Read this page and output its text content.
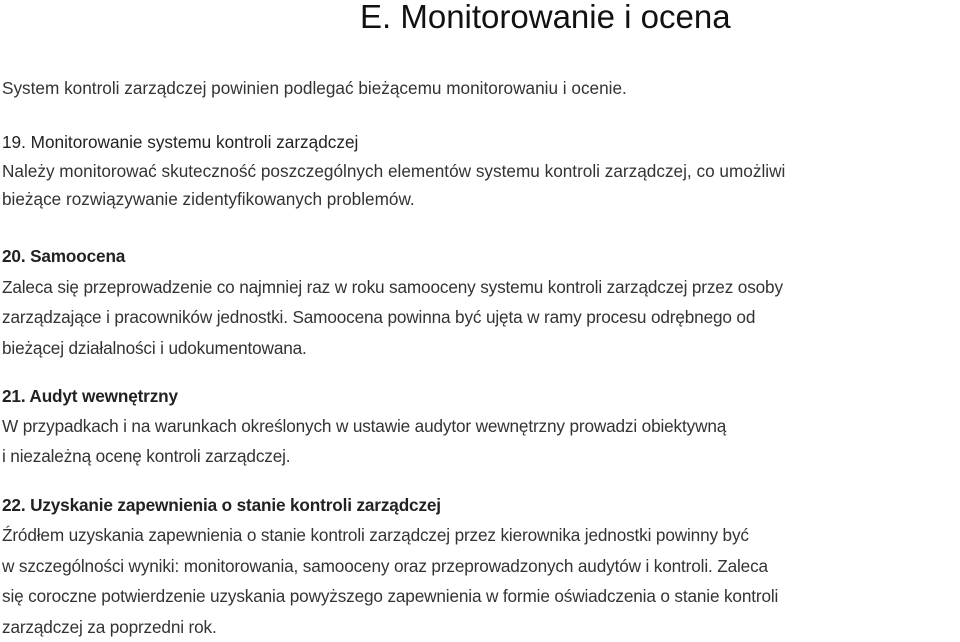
E. Monitorowanie i ocena
System kontroli zarządczej powinien podlegać bieżącemu monitorowaniu i ocenie.
19. Monitorowanie systemu kontroli zarządczej
Należy monitorować skuteczność poszczególnych elementów systemu kontroli zarządczej, co umożliwi
bieżące rozwiązywanie zidentyfikowanych problemów.
20. Samoocena
Zaleca się przeprowadzenie co najmniej raz w roku samooceny systemu kontroli zarządczej przez osoby
zarządzające i pracowników jednostki. Samoocena powinna być ujęta w ramy procesu odrębnego od
bieżącej działalności i udokumentowana.
21. Audyt wewnętrzny
W przypadkach i na warunkach określonych w ustawie audytor wewnętrzny prowadzi obiektywną
i niezależną ocenę kontroli zarządczej.
22. Uzyskanie zapewnienia o stanie kontroli zarządczej
Źródłem uzyskania zapewnienia o stanie kontroli zarządczej przez kierownika jednostki powinny być
w szczególności wyniki: monitorowania, samooceny oraz przeprowadzonych audytów i kontroli. Zaleca
się coroczne potwierdzenie uzyskania powyższego zapewnienia w formie oświadczenia o stanie kontroli
zarządczej za poprzedni rok.
